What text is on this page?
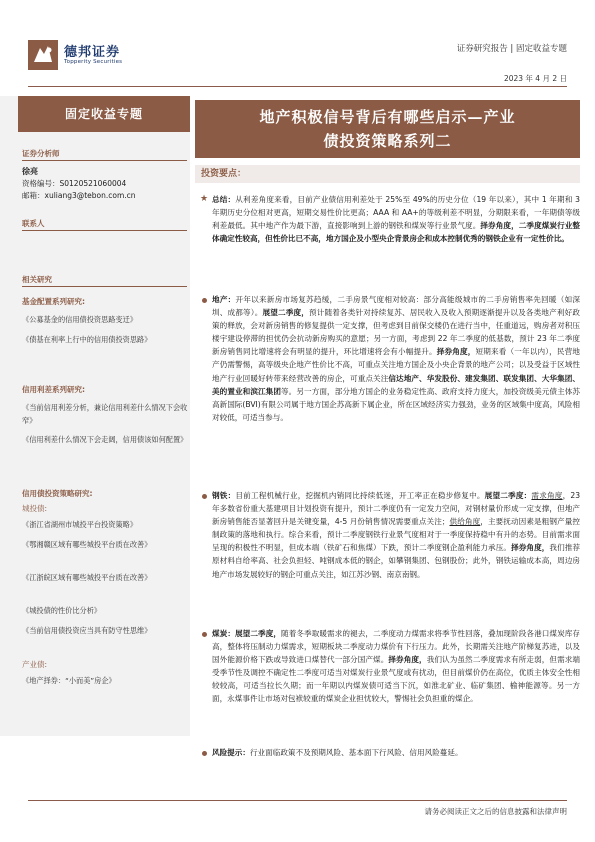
德邦证券
Topperity Securities
证券研究报告 | 固定收益专题
2023 年 4 月 2 日
固定收益专题
证券分析师
徐亮
资格编号：S0120521060004
邮箱：xuliang3@tebon.com.cn
联系人
相关研究
基金配置系列研究:
《公募基金的信用债投资思路变迁》
《债基在利率上行中的信用债投资思路》
信用利差系列研究:
《当前信用利差分析，兼论信用利差什么情况下会收窄》
《信用利差什么情况下会走阔，信用债该如何配置》
信用债投资策略研究:
城投债:
《浙江省湖州市城投平台投资策略》
《鄂湘赣区域有哪些城投平台质在改善》
《江浙皖区域有哪些城投平台质在改善》
《城投债的性价比分析》
《当前信用债投资应当具有防守性思维》
产业债:
《地产择券：“小而美”房企》
地产积极信号背后有哪些启示—产业
债投资策略系列二
投资要点：
★ 总结：从利差角度来看，目前产业债信用利差处于 25%至 49%的历史分位（19 年以来），其中 1 年期和 3 年期历史分位相对更高，短期交易性价比更高；AAA 和 AA+的等级利差不明显，分期限来看，一年期债等级利差最低。其中地产作为最下游，直接影响到上游的钢铁和煤炭等行业景气度。择券角度，二季度煤炭行业整体确定性较高，但性价比已不高，地方国企及小型央企背景房企和成本控制优秀的钢铁企业有一定性价比。
地产：开年以来新房市场复苏趋缓，二手房景气度相对较高：部分高能级城市的二手房销售率先回暖（如深圳、成都等）。展望二季度，预计随着各类针对持续复苏、居民收入及收入预期逐渐提升以及各类地产利好政策的释放，会对新房销售的修复提供一定支撑，但考虑到目前保交楼仍在进行当中，任重道远，购房者对积压楼宇建设停滞的担忧仍会抗动新房购买的意愿；另一方面，考虑到 22 年二季度的低基数，预计 23 年二季度新房销售同比增速将会有明显的提升，环比增速将会有小幅提升。择券角度，短期来看（一年以内），民营地产仍需警惕，高等级央企地产性价比不高，可重点关注地方国企及小央企背景的地产公司；以及受益于区域性地产行业回暖好转带来经营改善的房企，可重点关注信达地产、华发股份、建发集团、联发集团、大华集团、美的置业和滨江集团等。另一方面，部分地方国企的业务稳定性高、政府支持力度大，加投资级美元债主体苏高新国际(BVI)有限公司属于地方国企苏高新下属企业，所在区域经济实力强劲，业务的区域集中度高，风险相对较低，可适当参与。
钢铁：目前工程机械行业，挖掘机内销同比持续低迷，开工率正在稳步修复中。展望二季度：需求角度，23 年多数省份重大基建项目计划投资有提升，预计二季度仍有一定发力空间，对钢材量价形成一定支撑，但地产新房销售能否显著回升是关键变量，4-5 月份销售情况需要重点关注；供给角度，主要抚动因素是粗钢产量控制政策的落地和执行。综合来看，预计二季度钢铁行业景气度相对于一季度保持稳中有升的态势。目前需求面呈现的积极性不明显，但成本端（铁矿石和焦煤）下跌，预计二季度钢企盈利能力承压。择券角度，我们推荐原材料自给率高、社会负担轻、吨钢成本低的钢企，如攀钢集团、包钢股份；此外，钢铁运输成本高，周边房地产市场发展较好的钢企可重点关注，如江苏沙钢、南京南钢。
煤炭：展望二季度，随着冬季取暖需求的褪去，二季度动力煤需求将季节性回落，叠加现阶段各港口煤炭库存高，整体将压制动力煤需求，短期板块二季度动力煤价有下行压力。此外，长期需关注地产阶梯复苏进，以及国外能源价格下跌或导致进口煤替代一部分国产煤。择券角度，我们认为虽然二季度需求有所走弱，但需求端受季节性及调控不确定性二季度可适当对煤炭行业景气度或有扰动，但目前煤价仍在高位，优质主体安全性相较较高，可适当拉长久期；而一年期以内煤炭债可适当下沉，如淮北矿业、临矿集团、榆神能源等。另一方面，永煤事件让市场对包袱较重的煤炭企业担忧较大，警惕社会负担重的煤企。
风险提示：行业面临政策不及预期风险、基本面下行风险、信用风险蔓延。
请务必阅读正文之后的信息披露和法律声明
